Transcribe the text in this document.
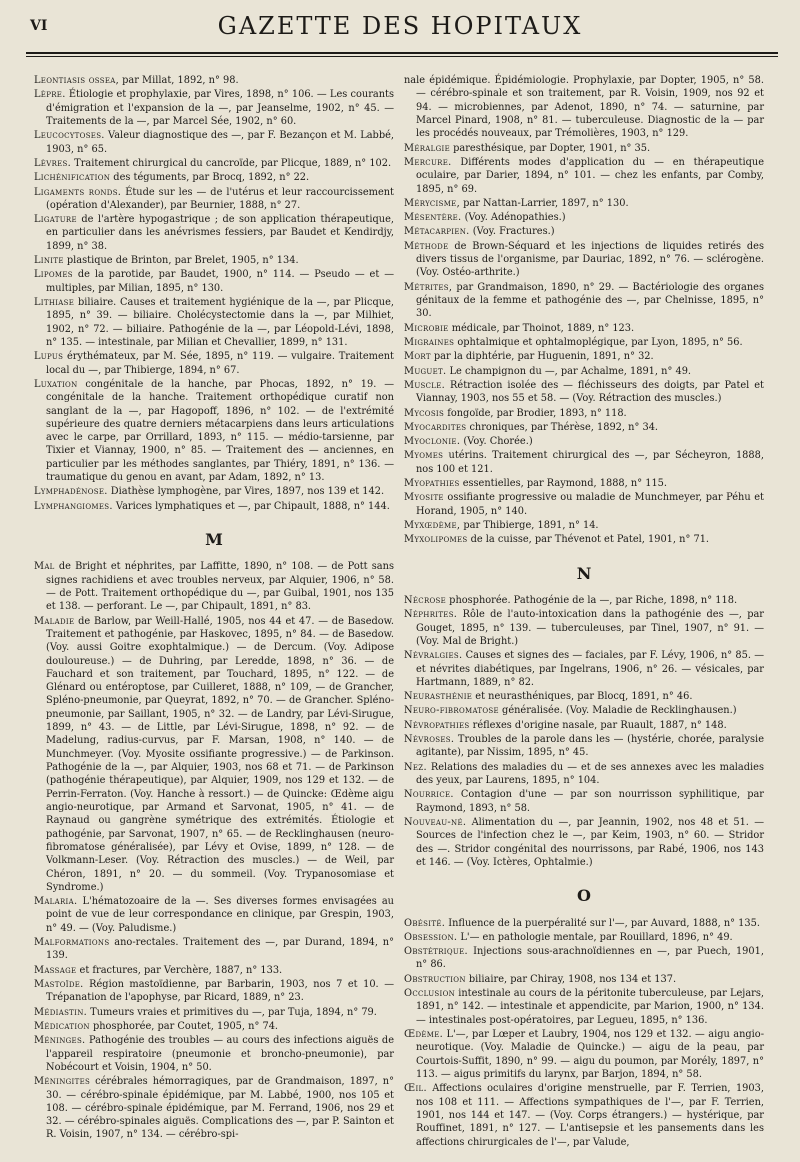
VI	GAZETTE DES HOPITAUX

Leontiasis ossea, par Millat, 1892, n° 98.

Lèpre. Étiologie et prophylaxie, par Vires, 1898, n° 106. — Les courants d'émigration et l'expansion de la —, par Jeanselme, 1902, n° 45. — Traitements de la —, par Marcel Sée, 1902, n° 60.

Leucocytoses. Valeur diagnostique des —, par F. Bezançon et M. Labbé, 1903, n° 65.

Lèvres. Traitement chirurgical du cancroïde, par Plicque, 1889, n° 102.

Lichénification des téguments, par Brocq, 1892, n° 22.

Ligaments ronds. Étude sur les — de l'utérus et leur raccourcissement (opération d'Alexander), par Beurnier, 1888, n° 27.

Ligature de l'artère hypogastrique ; de son application thérapeutique, en particulier dans les anévrismes fessiers, par Baudet et Kendirdjy, 1899, n° 38.

Linite plastique de Brinton, par Brelet, 1905, n° 134.

Lipomes de la parotide, par Baudet, 1900, n° 114. — Pseudo — et — multiples, par Milian, 1895, n° 130.

Lithiase biliaire. Causes et traitement hygiénique de la —, par Plicque, 1895, n° 39. — biliaire. Cholécystectomie dans la —, par Milhiet, 1902, n° 72. — biliaire. Pathogénie de la —, par Léopold-Lévi, 1898, n° 135. — intestinale, par Milian et Chevallier, 1899, n° 131.

Lupus érythémateux, par M. Sée, 1895, n° 119. — vulgaire. Traitement local du —, par Thibierge, 1894, n° 67.

Luxation congénitale de la hanche, par Phocas, 1892, n° 19. — congénitale de la hanche. Traitement orthopédique curatif non sanglant de la —, par Hagopoff, 1896, n° 102. — de l'extrémité supérieure des quatre derniers métacarpiens dans leurs articulations avec le carpe, par Orrillard, 1893, n° 115. — médio-tarsienne, par Tixier et Viannay, 1900, n° 85. — Traitement des — anciennes, en particulier par les méthodes sanglantes, par Thiéry, 1891, n° 136. — traumatique du genou en avant, par Adam, 1892, n° 13.

Lymphadénose. Diathèse lymphogène, par Vires, 1897, nos 139 et 142.

Lymphangiomes. Varices lymphatiques et —, par Chipault, 1888, n° 144.

M

Mal de Bright et néphrites, par Laffitte, 1890, n° 108. — de Pott sans signes rachidiens et avec troubles nerveux, par Alquier, 1906, n° 58. — de Pott. Traitement orthopédique du —, par Guibal, 1901, nos 135 et 138. — perforant. Le —, par Chipault, 1891, n° 83.

Maladie de Barlow, par Weill-Hallé, 1905, nos 44 et 47. — de Basedow. Traitement et pathogénie, par Haskovec, 1895, n° 84. — de Basedow. (Voy. aussi Goitre exophtalmique.) — de Dercum. (Voy. Adipose douloureuse.) — de Duhring, par Leredde, 1898, n° 36. — de Fauchard et son traitement, par Touchard, 1895, n° 122. — de Glénard ou entéroptose, par Cuilleret, 1888, n° 109, — de Grancher, Spléno-pneumonie, par Queyrat, 1892, n° 70. — de Grancher. Spléno-pneumonie, par Saillant, 1905, n° 32. — de Landry, par Lévi-Sirugue, 1899, n° 43. — de Little, par Lévi-Sirugue, 1898, n° 92. — de Madelung, radius-curvus, par F. Marsan, 1908, n° 140. — de Munchmeyer. (Voy. Myosite ossifiante progressive.) — de Parkinson. Pathogénie de la —, par Alquier, 1903, nos 68 et 71. — de Parkinson (pathogénie thérapeutique), par Alquier, 1909, nos 129 et 132. — de Perrin-Ferraton. (Voy. Hanche à ressort.) — de Quincke: Œdème aigu angio-neurotique, par Armand et Sarvonat, 1905, n° 41. — de Raynaud ou gangrène symétrique des extrémités. Étiologie et pathogénie, par Sarvonat, 1907, n° 65. — de Recklinghausen (neuro-fibromatose généralisée), par Lévy et Ovise, 1899, n° 128. — de Volkmann-Leser. (Voy. Rétraction des muscles.) — de Weil, par Chéron, 1891, n° 20. — du sommeil. (Voy. Trypanosomiase et Syndrome.)

Malaria. L'hématozoaire de la —. Ses diverses formes envisagées au point de vue de leur correspondance en clinique, par Grespin, 1903, n° 49. — (Voy. Paludisme.)

Malformations ano-rectales. Traitement des —, par Durand, 1894, n° 139.

Massage et fractures, par Verchère, 1887, n° 133.

Mastoïde. Région mastoïdienne, par Barbarin, 1903, nos 7 et 10. — Trépanation de l'apophyse, par Ricard, 1889, n° 23.

Médiastin. Tumeurs vraies et primitives du —, par Tuja, 1894, n° 79.

Médication phosphorée, par Coutet, 1905, n° 74.

Méninges. Pathogénie des troubles — au cours des infections aiguës de l'appareil respiratoire (pneumonie et broncho-pneumonie), par Nobécourt et Voisin, 1904, n° 50.

Méningites cérébrales hémorragiques, par de Grandmaison, 1897, n° 30. — cérébro-spinale épidémique, par M. Labbé, 1900, nos 105 et 108. — cérébro-spinale épidémique, par M. Ferrand, 1906, nos 29 et 32. — cérébro-spinales aiguës. Complications des —, par P. Sainton et R. Voisin, 1907, n° 134. — cérébro-spi-

nale épidémique. Épidémiologie. Prophylaxie, par Dopter, 1905, n° 58. — cérébro-spinale et son traitement, par R. Voisin, 1909, nos 92 et 94. — microbiennes, par Adenot, 1890, n° 74. — saturnine, par Marcel Pinard, 1908, n° 81. — tuberculeuse. Diagnostic de la — par les procédés nouveaux, par Trémolières, 1903, n° 129.

Méralgie paresthésique, par Dopter, 1901, n° 35.

Mercure. Différents modes d'application du — en thérapeutique oculaire, par Darier, 1894, n° 101. — chez les enfants, par Comby, 1895, n° 69.

Mérycisme, par Nattan-Larrier, 1897, n° 130.

Mésentère. (Voy. Adénopathies.)

Métacarpien. (Voy. Fractures.)

Méthode de Brown-Séquard et les injections de liquides retirés des divers tissus de l'organisme, par Dauriac, 1892, n° 76. — sclérogène. (Voy. Ostéo-arthrite.)

Métrites, par Grandmaison, 1890, n° 29. — Bactériologie des organes génitaux de la femme et pathogénie des —, par Chelnisse, 1895, n° 30.

Microbie médicale, par Thoinot, 1889, n° 123.

Migraines ophtalmique et ophtalmoplégique, par Lyon, 1895, n° 56.

Mort par la diphtérie, par Huguenin, 1891, n° 32.

Muguet. Le champignon du —, par Achalme, 1891, n° 49.

Muscle. Rétraction isolée des — fléchisseurs des doigts, par Patel et Viannay, 1903, nos 55 et 58. — (Voy. Rétraction des muscles.)

Mycosis fongoïde, par Brodier, 1893, n° 118.

Myocardites chroniques, par Thérèse, 1892, n° 34.

Myoclonie. (Voy. Chorée.)

Myomes utérins. Traitement chirurgical des —, par Sécheyron, 1888, nos 100 et 121.

Myopathies essentielles, par Raymond, 1888, n° 115.

Myosite ossifiante progressive ou maladie de Munchmeyer, par Péhu et Horand, 1905, n° 140.

Myxœdème, par Thibierge, 1891, n° 14.

Myxolipomes de la cuisse, par Thévenot et Patel, 1901, n° 71.

N

Nécrose phosphorée. Pathogénie de la —, par Riche, 1898, n° 118.

Néphrites. Rôle de l'auto-intoxication dans la pathogénie des —, par Gouget, 1895, n° 139. — tuberculeuses, par Tinel, 1907, n° 91. — (Voy. Mal de Bright.)

Névralgies. Causes et signes des — faciales, par F. Lévy, 1906, n° 85. — et névrites diabétiques, par Ingelrans, 1906, n° 26. — vésicales, par Hartmann, 1889, n° 82.

Neurasthénie et neurasthéniques, par Blocq, 1891, n° 46.

Neuro-fibromatose généralisée. (Voy. Maladie de Recklinghausen.)

Névropathies réflexes d'origine nasale, par Ruault, 1887, n° 148.

Névroses. Troubles de la parole dans les — (hystérie, chorée, paralysie agitante), par Nissim, 1895, n° 45.

Nez. Relations des maladies du — et de ses annexes avec les maladies des yeux, par Laurens, 1895, n° 104.

Nourrice. Contagion d'une — par son nourrisson syphilitique, par Raymond, 1893, n° 58.

Nouveau-né. Alimentation du —, par Jeannin, 1902, nos 48 et 51. — Sources de l'infection chez le —, par Keim, 1903, n° 60. — Stridor des —. Stridor congénital des nourrissons, par Rabé, 1906, nos 143 et 146. — (Voy. Ictères, Ophtalmie.)

O

Obésité. Influence de la puerpéralité sur l'—, par Auvard, 1888, n° 135.

Obsession. L'— en pathologie mentale, par Rouillard, 1896, n° 49.

Obstétrique. Injections sous-arachnoïdiennes en —, par Puech, 1901, n° 86.

Obstruction biliaire, par Chiray, 1908, nos 134 et 137.

Occlusion intestinale au cours de la péritonite tuberculeuse, par Lejars, 1891, n° 142. — intestinale et appendicite, par Marion, 1900, n° 134. — intestinales post-opératoires, par Legueu, 1895, n° 136.

Œdème. L'—, par Lœper et Laubry, 1904, nos 129 et 132. — aigu angio-neurotique. (Voy. Maladie de Quincke.) — aigu de la peau, par Courtois-Suffit, 1890, n° 99. — aigu du poumon, par Morély, 1897, n° 113. — aigus primitifs du larynx, par Barjon, 1894, n° 58.

Œil. Affections oculaires d'origine menstruelle, par F. Terrien, 1903, nos 108 et 111. — Affections sympathiques de l'—, par F. Terrien, 1901, nos 144 et 147. — (Voy. Corps étrangers.) — hystérique, par Rouffinet, 1891, n° 127. — L'antisepsie et les pansements dans les affections chirurgicales de l'—, par Valude,
